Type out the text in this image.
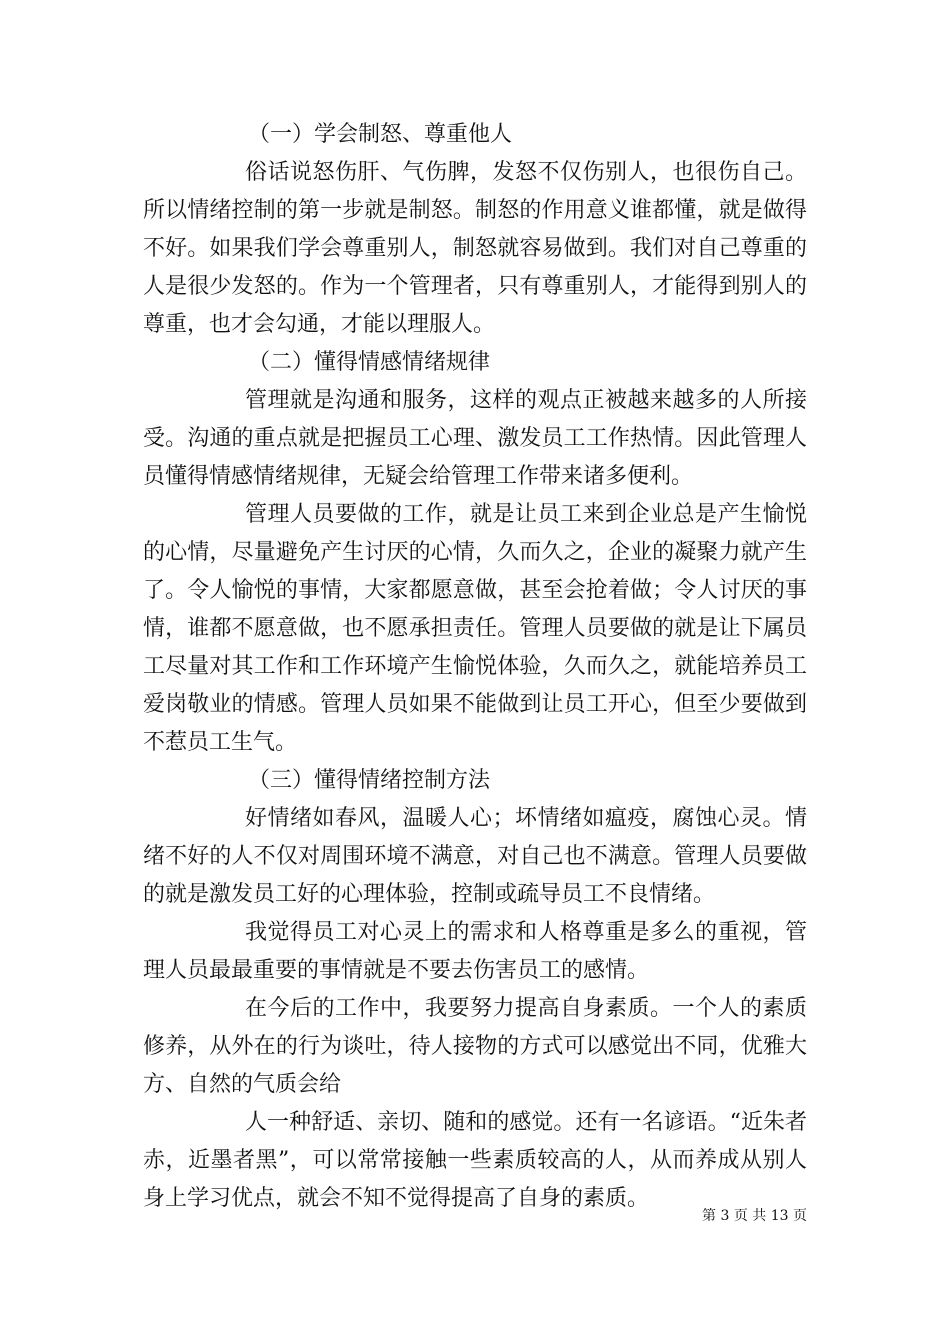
（一）学会制怒、尊重他人

俗话说怒伤肝、气伤脾，发怒不仅伤别人，也很伤自己。所以情绪控制的第一步就是制怒。制怒的作用意义谁都懂，就是做得不好。如果我们学会尊重别人，制怒就容易做到。我们对自己尊重的人是很少发怒的。作为一个管理者，只有尊重别人，才能得到别人的尊重，也才会勾通，才能以理服人。

（二）懂得情感情绪规律

管理就是沟通和服务，这样的观点正被越来越多的人所接受。沟通的重点就是把握员工心理、激发员工工作热情。因此管理人员懂得情感情绪规律，无疑会给管理工作带来诸多便利。

管理人员要做的工作，就是让员工来到企业总是产生愉悦的心情，尽量避免产生讨厌的心情，久而久之，企业的凝聚力就产生了。令人愉悦的事情，大家都愿意做，甚至会抢着做；令人讨厌的事情，谁都不愿意做，也不愿承担责任。管理人员要做的就是让下属员工尽量对其工作和工作环境产生愉悦体验，久而久之，就能培养员工爱岗敬业的情感。管理人员如果不能做到让员工开心，但至少要做到不惹员工生气。

（三）懂得情绪控制方法

好情绪如春风，温暖人心；坏情绪如瘟疫，腐蚀心灵。情绪不好的人不仅对周围环境不满意，对自己也不满意。管理人员要做的就是激发员工好的心理体验，控制或疏导员工不良情绪。

我觉得员工对心灵上的需求和人格尊重是多么的重视，管理人员最最重要的事情就是不要去伤害员工的感情。

在今后的工作中，我要努力提高自身素质。一个人的素质修养，从外在的行为谈吐，待人接物的方式可以感觉出不同，优雅大方、自然的气质会给

人一种舒适、亲切、随和的感觉。还有一名谚语。“近朱者赤，近墨者黑”，可以常常接触一些素质较高的人，从而养成从别人身上学习优点，就会不知不觉得提高了自身的素质。

第 3 页 共 13 页
